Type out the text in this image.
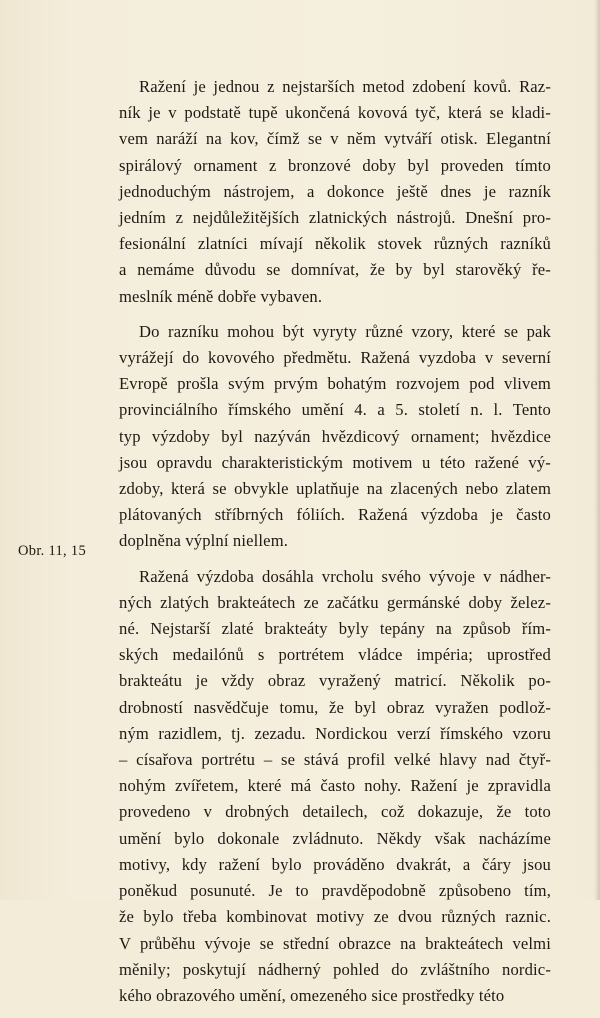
Obr. 11, 15

Ražení je jednou z nejstarších metod zdobení kovů. Raz-
ník je v podstatě tupě ukončená kovová tyč, která se kladi-
vem naráží na kov, čímž se v něm vytváří otisk. Elegantní
spirálový ornament z bronzové doby byl proveden tímto
jednoduchým nástrojem, a dokonce ještě dnes je razník
jedním z nejdůležitějších zlatnických nástrojů. Dnešní pro-
fesionální zlatníci mívají několik stovek různých razníků
a nemáme důvodu se domnívat, že by byl starověký ře-
meslník méně dobře vybaven.

Do razníku mohou být vyryty různé vzory, které se pak
vyrážejí do kovového předmětu. Ražená vyzdoba v severní
Evropě prošla svým prvým bohatým rozvojem pod vlivem
provinciálního římského umění 4. a 5. století n. l. Tento
typ výzdoby byl nazýván hvězdicový ornament; hvězdice
jsou opravdu charakteristickým motivem u této ražené vý-
zdoby, která se obvykle uplatňuje na zlacených nebo zlatem
plátovaných stříbrných fóliích. Ražená výzdoba je často
doplněna výplní niellem.

Ražená výzdoba dosáhla vrcholu svého vývoje v nádher-
ných zlatých brakteátech ze začátku germánské doby želez-
né. Nejstarší zlaté brakteáty byly tepány na způsob řím-
ských medailónů s portrétem vládce impéria; uprostřed
brakteátu je vždy obraz vyražený matricí. Několik po-
drobností nasvědčuje tomu, že byl obraz vyražen podlož-
ným razidlem, tj. zezadu. Nordickou verzí římského vzoru
– císařova portrétu – se stává profil velké hlavy nad čtyř-
nohým zvířetem, které má často nohy. Ražení je zpravidla
provedeno v drobných detailech, což dokazuje, že toto
umění bylo dokonale zvládnuto. Někdy však nacházíme
motivy, kdy ražení bylo prováděno dvakrát, a čáry jsou
poněkud posunuté. Je to pravděpodobně způsobeno tím,
že bylo třeba kombinovat motivy ze dvou různých raznic.
V průběhu vývoje se střední obrazce na brakteátech velmi
měnily; poskytují nádherný pohled do zvláštního nordic-
kého obrazového umění, omezeného sice prostředky této
